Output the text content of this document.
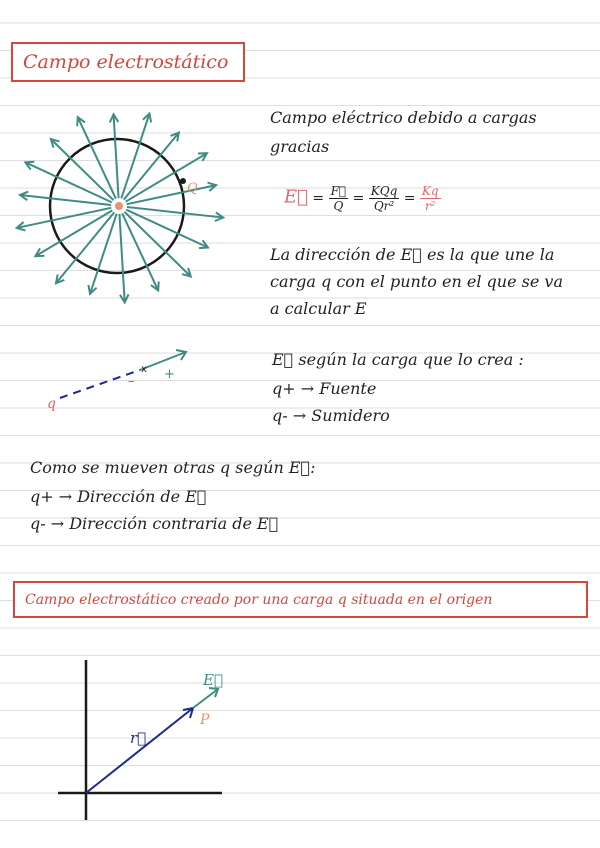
Campo electrostático
Q
q
x
– +
r⃗
E⃗
P
Campo eléctrico debido a cargas
gracias
E⃗ = $\frac{F⃗}{Q} = \frac{\text{KQq}}{\text{Qr²}} = \frac{Kq}{\text{r²}}$
La dirección de E⃗ es la que une la
carga q con el punto en el que se va
a calcular E
E⃗ según la carga que lo crea :
q+ → Fuente
q- → Sumidero
Como se mueven otras q según E⃗:
q+ → Dirección de E⃗
q- → Dirección contraria de E⃗
Campo electrostático creado por una carga q situada en el origen
